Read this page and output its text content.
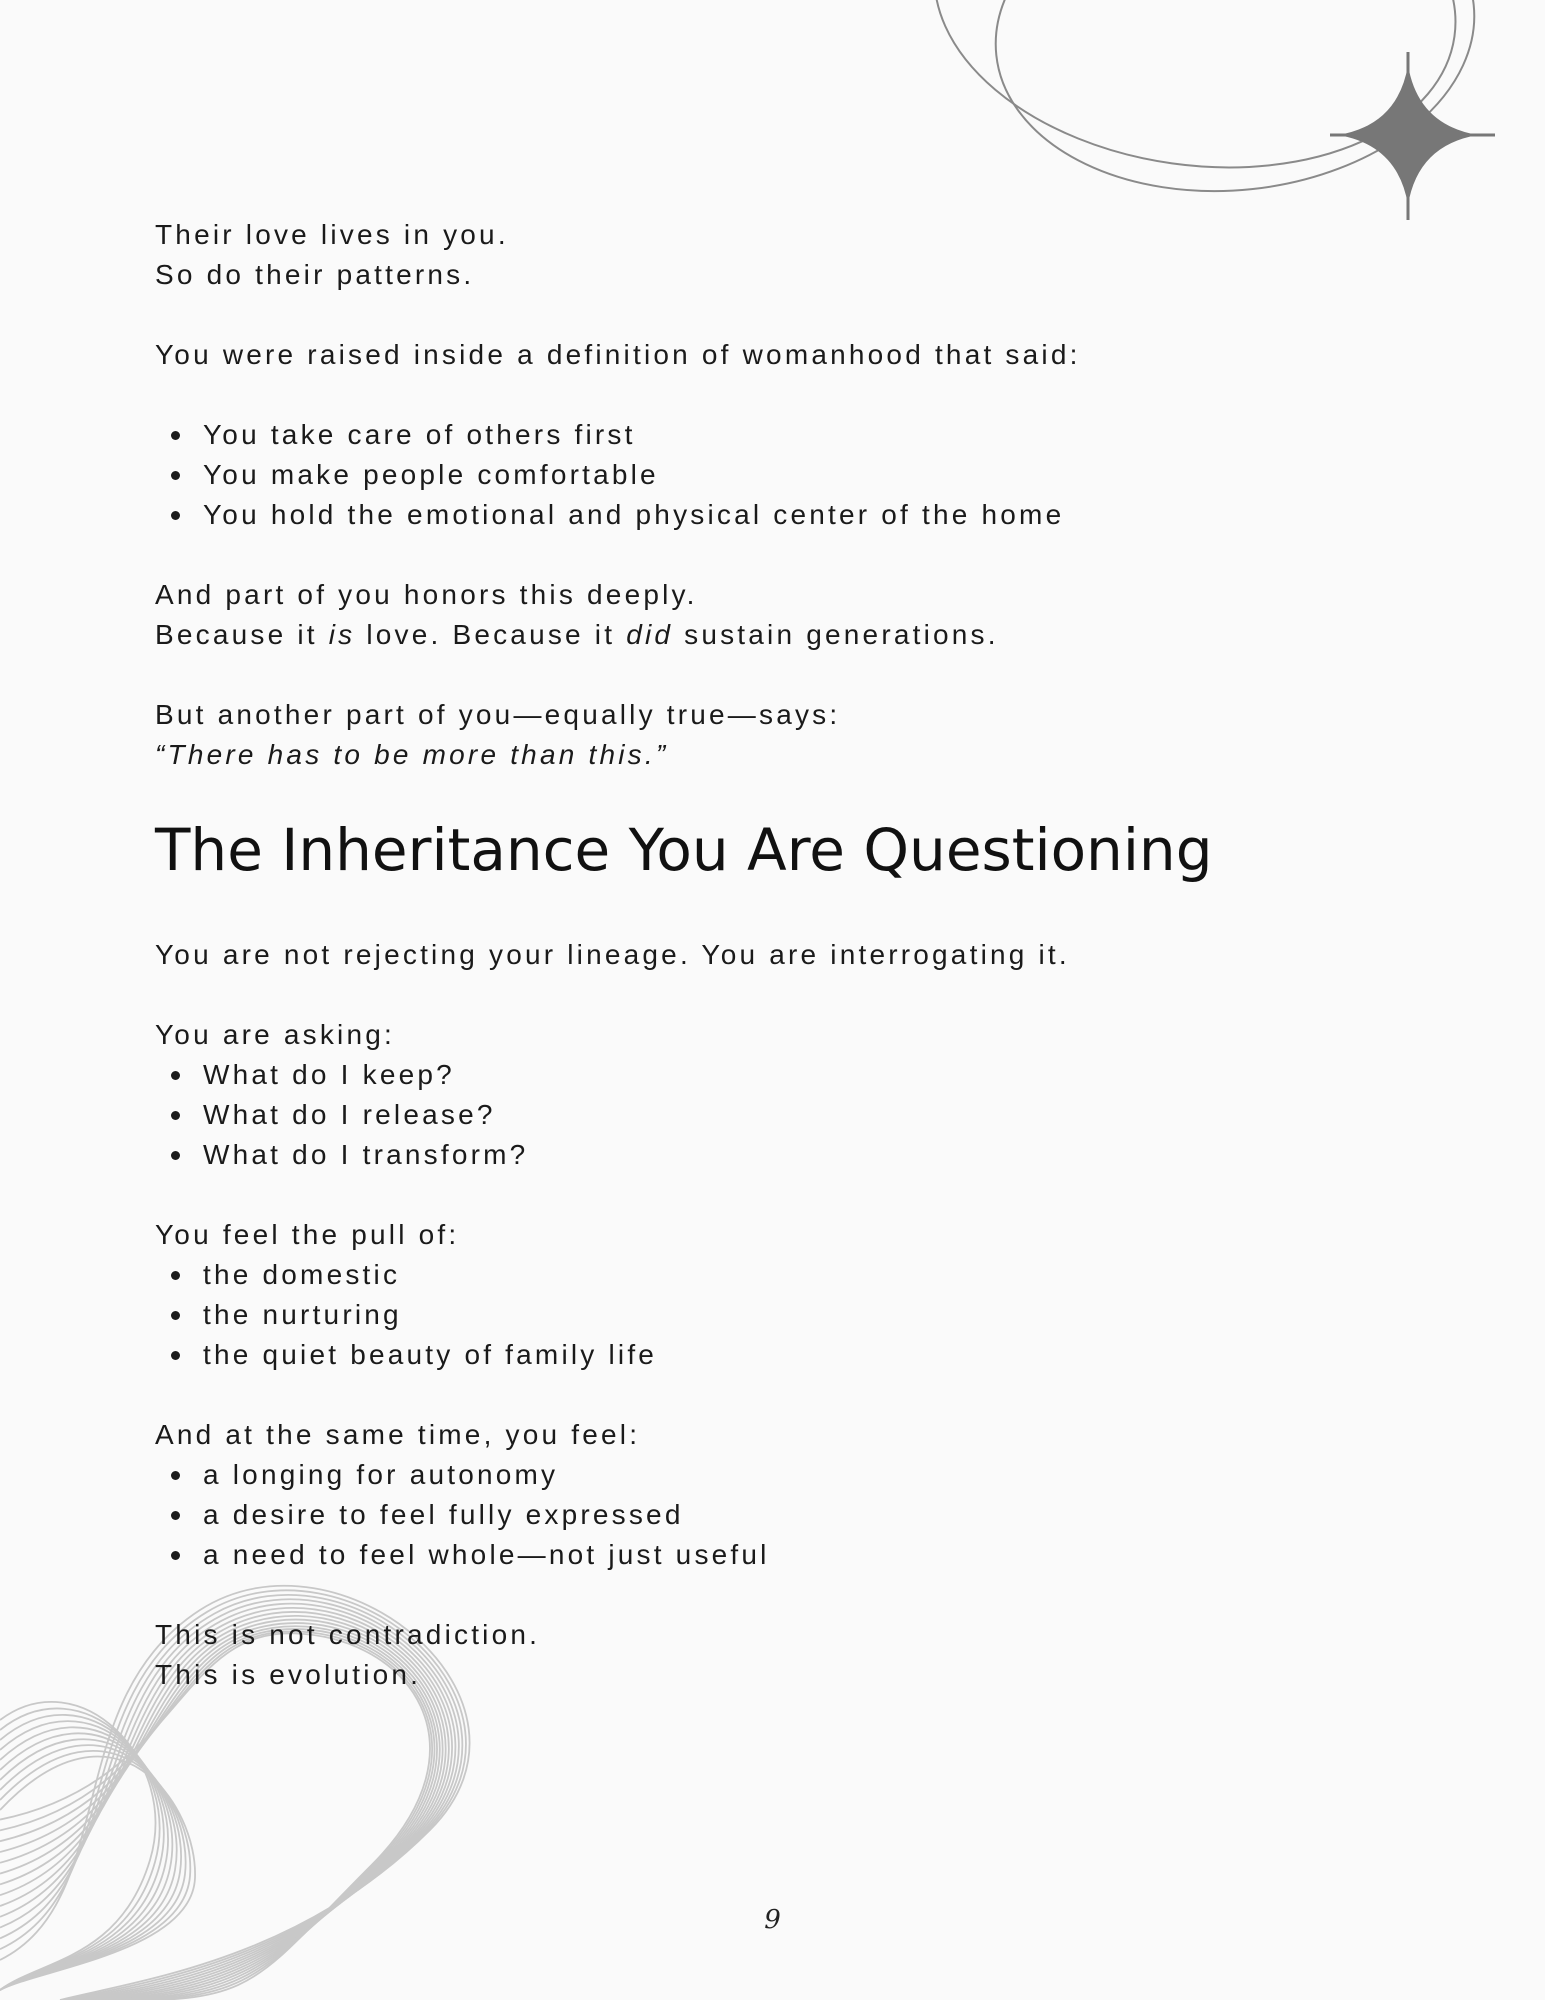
Their love lives in you.

So do their patterns.

You were raised inside a definition of womanhood that said:

You take care of others first
You make people comfortable
You hold the emotional and physical center of the home

And part of you honors this deeply.

Because it is love. Because it did sustain generations.

But another part of you—equally true—says:

“There has to be more than this.”

The Inheritance You Are Questioning

You are not rejecting your lineage. You are interrogating it.

You are asking:

What do I keep?
What do I release?
What do I transform?

You feel the pull of:

the domestic
the nurturing
the quiet beauty of family life

And at the same time, you feel:

a longing for autonomy
a desire to feel fully expressed
a need to feel whole—not just useful

This is not contradiction.

This is evolution.

9
